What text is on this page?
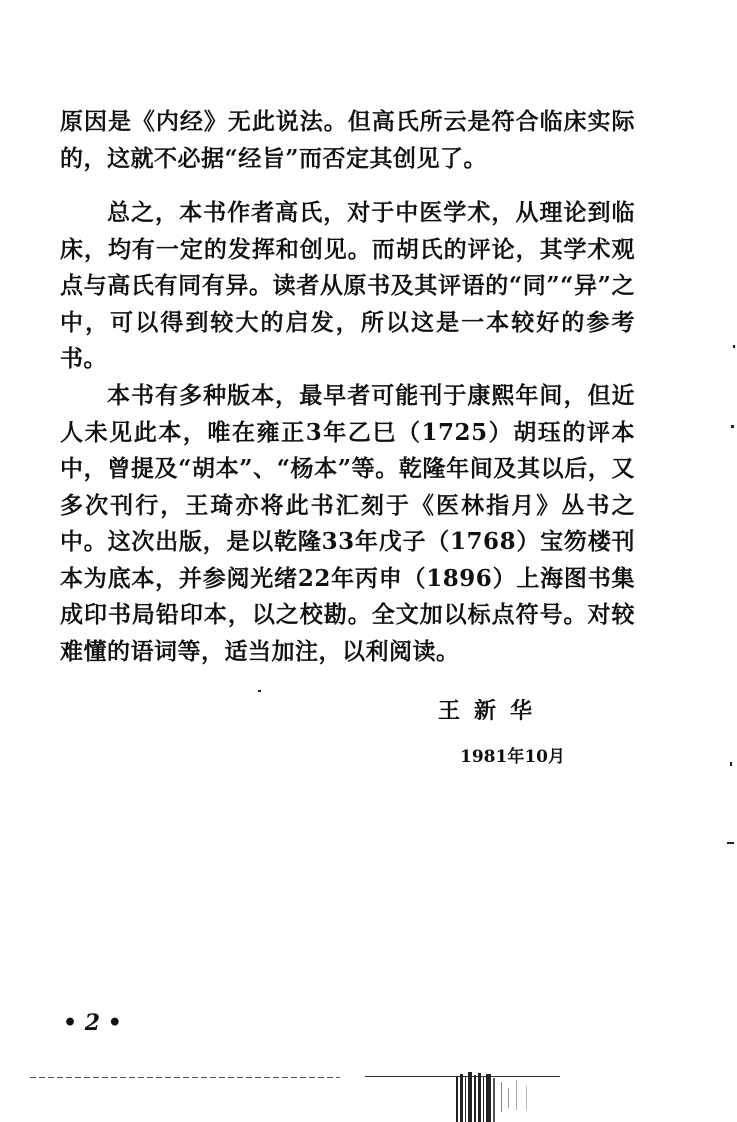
原因是《内经》无此说法。但高氏所云是符合临床实际的，这就不必据“经旨”而否定其创见了。

总之，本书作者高氏，对于中医学术，从理论到临床，均有一定的发挥和创见。而胡氏的评论，其学术观点与高氏有同有异。读者从原书及其评语的“同”“异”之中，可以得到较大的启发，所以这是一本较好的参考书。

本书有多种版本，最早者可能刊于康熙年间，但近人未见此本，唯在雍正3年乙巳（1725）胡珏的评本中，曾提及“胡本”、“杨本”等。乾隆年间及其以后，又多次刊行，王琦亦将此书汇刻于《医林指月》丛书之中。这次出版，是以乾隆33年戊子（1768）宝笏楼刊本为底本，并参阅光绪22年丙申（1896）上海图书集成印书局铅印本，以之校勘。全文加以标点符号。对较难懂的语词等，适当加注，以利阅读。

王新华

1981年10月

• 2 •
